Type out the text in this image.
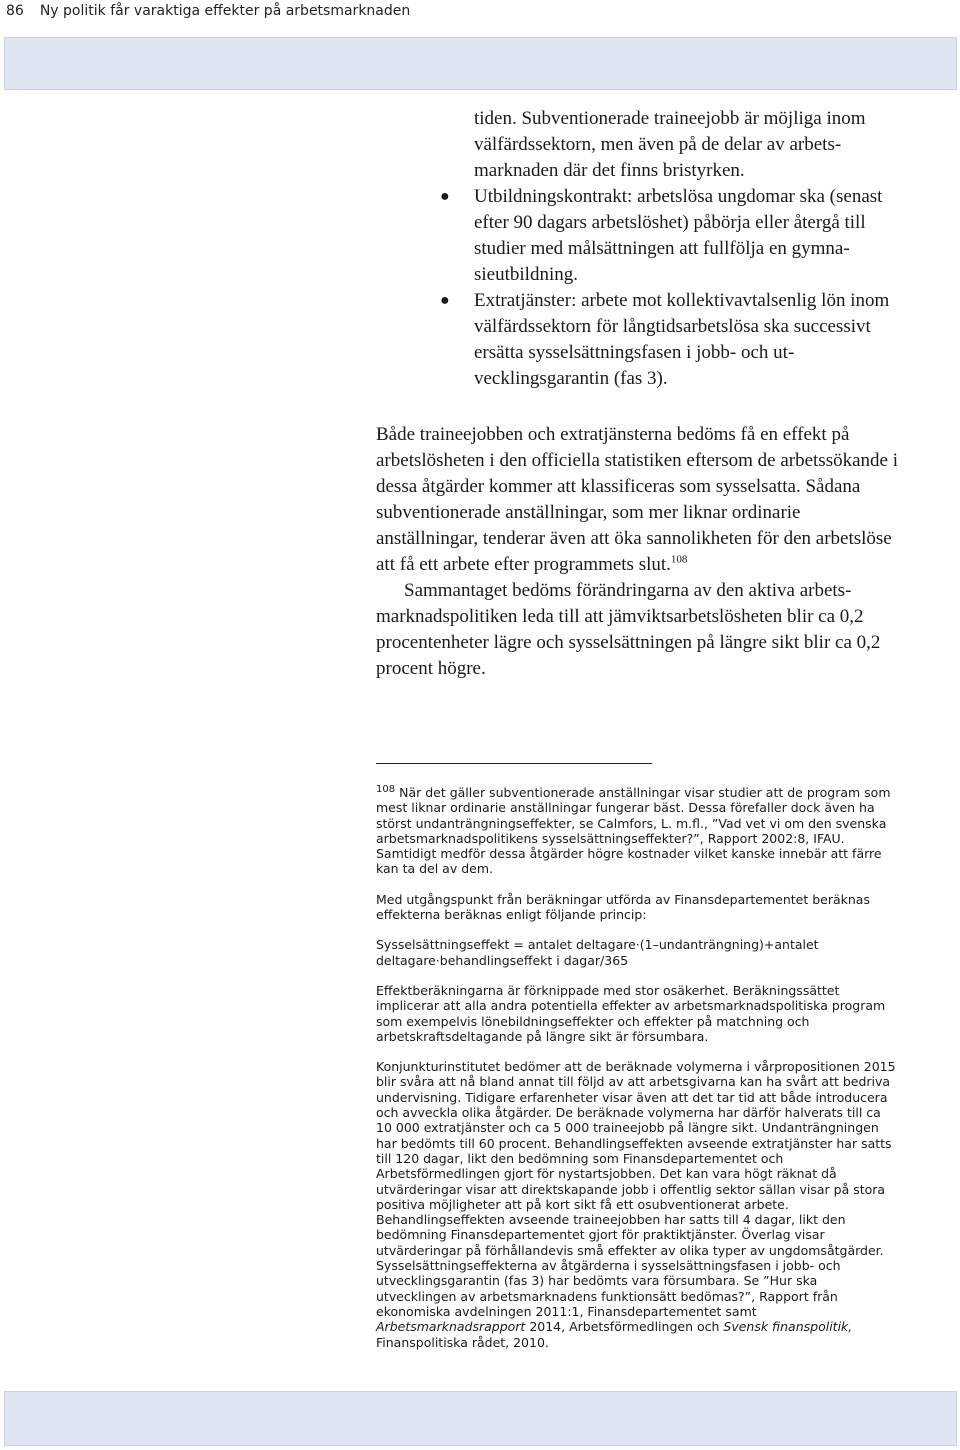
86 Ny politik får varaktiga effekter på arbetsmarknaden

tiden. Subventionerade traineejobb är möjliga inom välfärdssektorn, men även på de delar av arbetsmarknaden där det finns bristyrken.

● Utbildningskontrakt: arbetslösa ungdomar ska (senast efter 90 dagars arbetslöshet) påbörja eller återgå till studier med målsättningen att fullfölja en gymnasieutbildning.

● Extratjänster: arbete mot kollektivavtalsenlig lön inom välfärdssektorn för långtidsarbetslösa ska successivt ersätta sysselsättningsfasen i jobb- och utvecklingsgarantin (fas 3).

Både traineejobben och extratjänsterna bedöms få en effekt på arbetslösheten i den officiella statistiken eftersom de arbetssökande i dessa åtgärder kommer att klassificeras som sysselsatta. Sådana subventionerade anställningar, som mer liknar ordinarie anställningar, tenderar även att öka sannolikheten för den arbetslöse att få ett arbete efter programmets slut.$^{108}$

Sammantaget bedöms förändringarna av den aktiva arbetsmarknadspolitiken leda till att jämviktsarbetslösheten blir ca 0,2 procentenheter lägre och sysselsättningen på längre sikt blir ca 0,2 procent högre.

$^{108}$ När det gäller subventionerade anställningar visar studier att de program som mest liknar ordinarie anställningar fungerar bäst. Dessa förefaller dock även ha störst undanträngningseffekter, se Calmfors, L. m.fl., ”Vad vet vi om den svenska arbetsmarknadspolitikens sysselsättningseffekter?”, Rapport 2002:8, IFAU. Samtidigt medför dessa åtgärder högre kostnader vilket kanske innebär att färre kan ta del av dem.

Med utgångspunkt från beräkningar utförda av Finansdepartementet beräknas effekterna beräknas enligt följande princip:

Sysselsättningseffekt = antalet deltagare·(1–undanträngning)+antalet deltagare·behandlingseffekt i dagar/365

Effektberäkningarna är förknippade med stor osäkerhet. Beräkningssättet implicerar att alla andra potentiella effekter av arbetsmarknadspolitiska program som exempelvis lönebildningseffekter och effekter på matchning och arbetskraftsdeltagande på längre sikt är försumbara.

Konjunkturinstitutet bedömer att de beräknade volymerna i vårpropositionen 2015 blir svåra att nå bland annat till följd av att arbetsgivarna kan ha svårt att bedriva undervisning. Tidigare erfarenheter visar även att det tar tid att både introducera och avveckla olika åtgärder. De beräknade volymerna har därför halverats till ca 10 000 extratjänster och ca 5 000 traineejobb på längre sikt. Undanträngningen har bedömts till 60 procent. Behandlingseffekten avseende extratjänster har satts till 120 dagar, likt den bedömning som Finansdepartementet och Arbetsförmedlingen gjort för nystartsjobben. Det kan vara högt räknat då utvärderingar visar att direktskapande jobb i offentlig sektor sällan visar på stora positiva möjligheter att på kort sikt få ett osubventionerat arbete. Behandlingseffekten avseende traineejobben har satts till 4 dagar, likt den bedömning Finansdepartementet gjort för praktiktjänster. Överlag visar utvärderingar på förhållandevis små effekter av olika typer av ungdomsåtgärder. Sysselsättningseffekterna av åtgärderna i sysselsättningsfasen i jobb- och utvecklingsgarantin (fas 3) har bedömts vara försumbara. Se ”Hur ska utvecklingen av arbetsmarknadens funktionsätt bedömas?”, Rapport från ekonomiska avdelningen 2011:1, Finansdepartementet samt Arbetsmarknadsrapport 2014, Arbetsförmedlingen och Svensk finanspolitik, Finanspolitiska rådet, 2010.
